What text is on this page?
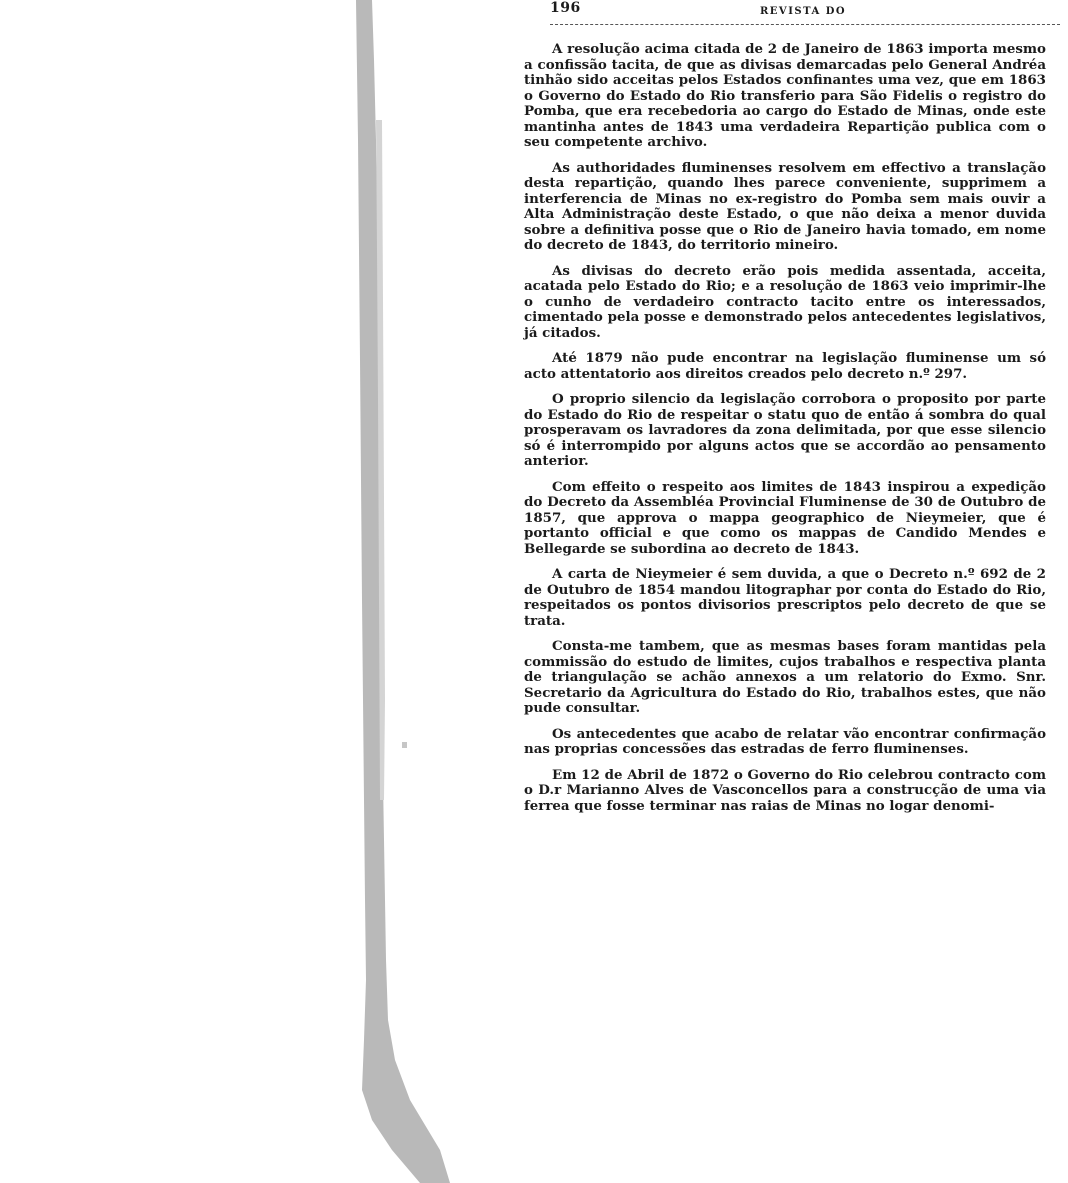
196	REVISTA DO

A resolução acima citada de 2 de Janeiro de 1863 importa mesmo a confissão tacita, de que as divisas demarcadas pelo General Andréa tinhão sido acceitas pelos Estados confinantes uma vez, que em 1863 o Governo do Estado do Rio transferio para São Fidelis o registro do Pomba, que era recebedoria ao cargo do Estado de Minas, onde este mantinha antes de 1843 uma verdadeira Repartição publica com o seu competente archivo.

As authoridades fluminenses resolvem em effectivo a translação desta repartição, quando lhes parece conveniente, supprimem a interferencia de Minas no ex-registro do Pomba sem mais ouvir a Alta Administração deste Estado, o que não deixa a menor duvida sobre a definitiva posse que o Rio de Janeiro havia tomado, em nome do decreto de 1843, do territorio mineiro.

As divisas do decreto erão pois medida assentada, acceita, acatada pelo Estado do Rio; e a resolução de 1863 veio imprimir-lhe o cunho de verdadeiro contracto tacito entre os interessados, cimentado pela posse e demonstrado pelos antecedentes legislativos, já citados.

Até 1879 não pude encontrar na legislação fluminense um só acto attentatorio aos direitos creados pelo decreto n.º 297.

O proprio silencio da legislação corrobora o proposito por parte do Estado do Rio de respeitar o statu quo de então á sombra do qual prosperavam os lavradores da zona delimitada, por que esse silencio só é interrompido por alguns actos que se accordão ao pensamento anterior.

Com effeito o respeito aos limites de 1843 inspirou a expedição do Decreto da Assembléa Provincial Fluminense de 30 de Outubro de 1857, que approva o mappa geographico de Nieymeier, que é portanto official e que como os mappas de Candido Mendes e Bellegarde se subordina ao decreto de 1843.

A carta de Nieymeier é sem duvida, a que o Decreto n.º 692 de 2 de Outubro de 1854 mandou litographar por conta do Estado do Rio, respeitados os pontos divisorios prescriptos pelo decreto de que se trata.

Consta-me tambem, que as mesmas bases foram mantidas pela commissão do estudo de limites, cujos trabalhos e respectiva planta de triangulação se achão annexos a um relatorio do Exmo. Snr. Secretario da Agricultura do Estado do Rio, trabalhos estes, que não pude consultar.

Os antecedentes que acabo de relatar vão encontrar confirmação nas proprias concessões das estradas de ferro fluminenses.

Em 12 de Abril de 1872 o Governo do Rio celebrou contracto com o D.r Marianno Alves de Vasconcellos para a construcção de uma via ferrea que fosse terminar nas raias de Minas no logar denomi-
